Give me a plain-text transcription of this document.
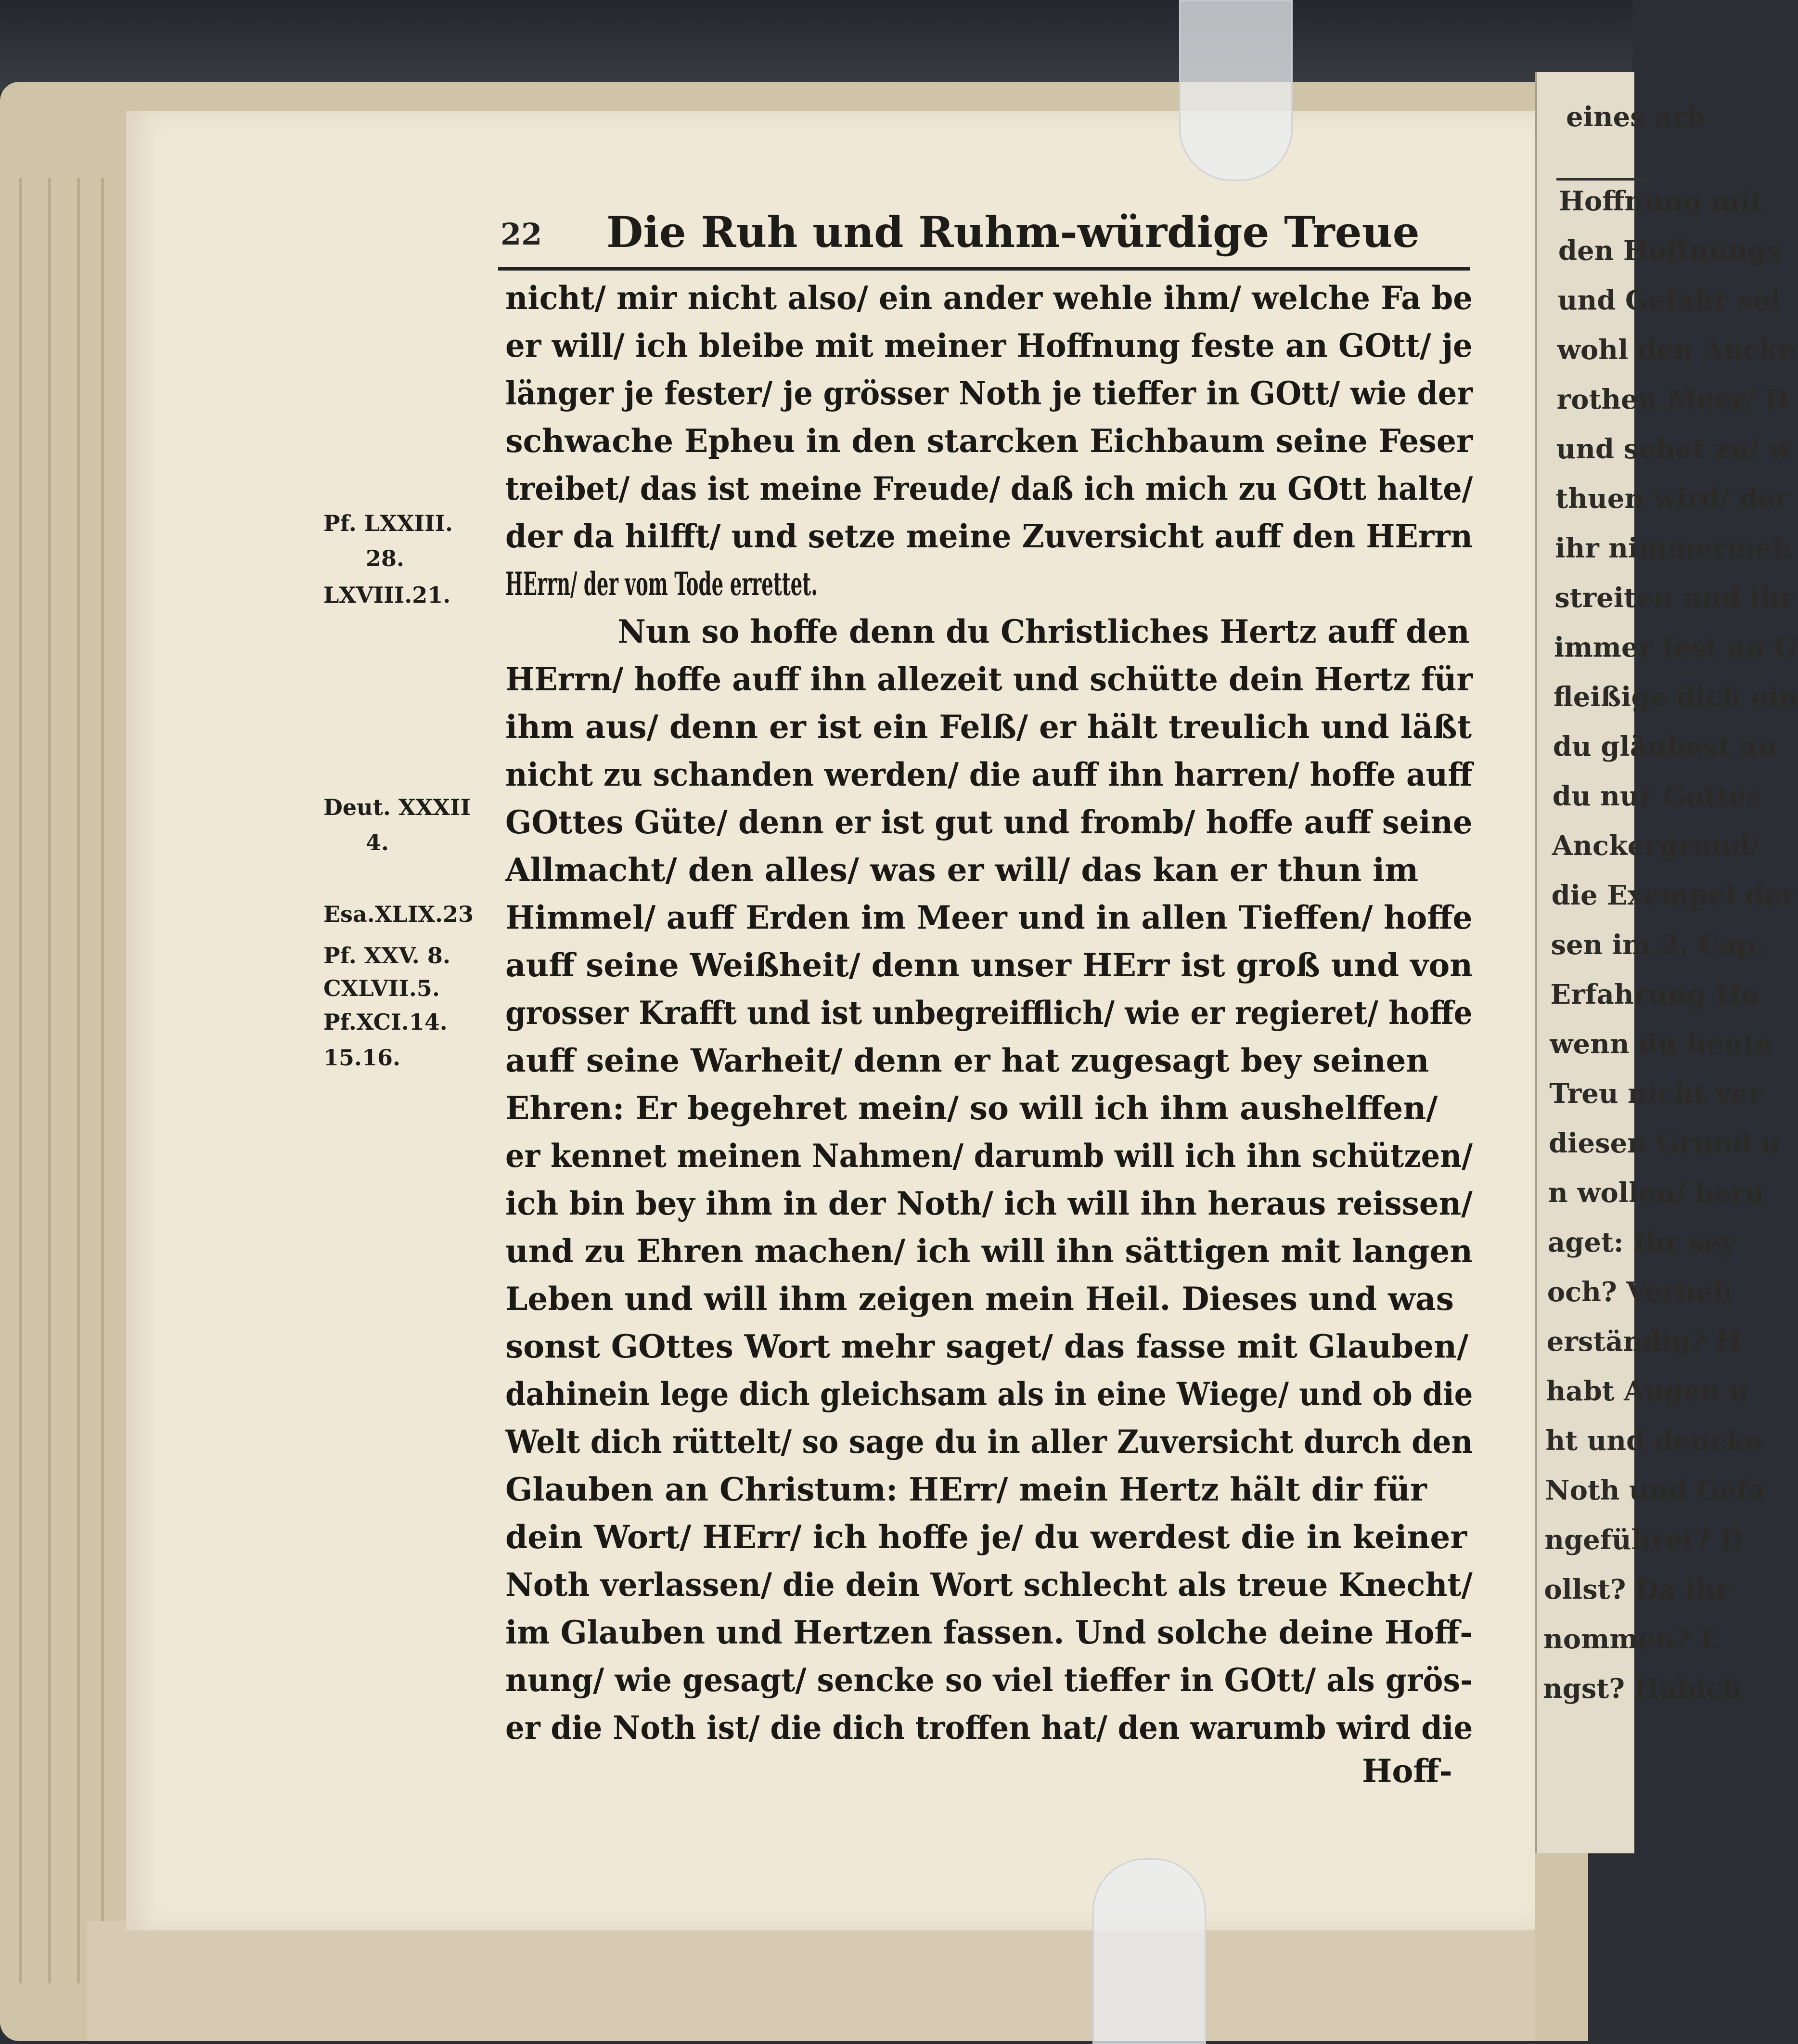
eines arb
Hoffnung mit
den Hoffnungs
und Gefahr sol
wohl den Ancke
rothen Meer/ D
und sehet zu/ w
thuen wird/ der
ihr nimmermeh
streiten und ihr
immer fest an G
fleißige dich ein
du gläubest au
du nur Gottes
Anckergrund/
die Exempel der
sen im 2. Cap.
Erfahrung Ho
wenn du heute
Treu nicht ver
diesen Grund u
n wollen/ beru
aget: Ihr sey
och? Verneh
erständig? H
habt Augen u
ht und dencke
Noth und Gefa
ngeführet? D
ollst? Da ihr
nommen? E
ngst? Habich
22 Die Ruh und Ruhm-würdige Treue
nicht/ mir nicht also/ ein ander wehle ihm/ welche Fa be
er will/ ich bleibe mit meiner Hoffnung feste an GOtt/ je
länger je fester/ je grösser Noth je tieffer in GOtt/ wie der
schwache Epheu in den starcken Eichbaum seine Feser
treibet/ das ist meine Freude/ daß ich mich zu GOtt halte/
der da hilfft/ und setze meine Zuversicht auff den HErrn
HErrn/ der vom Tode errettet.
Nun so hoffe denn du Christliches Hertz auff den
HErrn/ hoffe auff ihn allezeit und schütte dein Hertz für
ihm aus/ denn er ist ein Felß/ er hält treulich und läßt
nicht zu schanden werden/ die auff ihn harren/ hoffe auff
GOttes Güte/ denn er ist gut und fromb/ hoffe auff seine
Allmacht/ den alles/ was er will/ das kan er thun im
Himmel/ auff Erden im Meer und in allen Tieffen/ hoffe
auff seine Weißheit/ denn unser HErr ist groß und von
grosser Krafft und ist unbegreifflich/ wie er regieret/ hoffe
auff seine Warheit/ denn er hat zugesagt bey seinen
Ehren: Er begehret mein/ so will ich ihm aushelffen/
er kennet meinen Nahmen/ darumb will ich ihn schützen/
ich bin bey ihm in der Noth/ ich will ihn heraus reissen/
und zu Ehren machen/ ich will ihn sättigen mit langen
Leben und will ihm zeigen mein Heil. Dieses und was
sonst GOttes Wort mehr saget/ das fasse mit Glauben/
dahinein lege dich gleichsam als in eine Wiege/ und ob die
Welt dich rüttelt/ so sage du in aller Zuversicht durch den
Glauben an Christum: HErr/ mein Hertz hält dir für
dein Wort/ HErr/ ich hoffe je/ du werdest die in keiner
Noth verlassen/ die dein Wort schlecht als treue Knecht/
im Glauben und Hertzen fassen. Und solche deine Hoff-
nung/ wie gesagt/ sencke so viel tieffer in GOtt/ als grös-
er die Noth ist/ die dich troffen hat/ den warumb wird die
Hoff-
Pf. LXXIII.
28.
LXVIII.21.
Deut. XXXII
4.
Esa.XLIX.23
Pf. XXV. 8.
CXLVII.5.
Pf.XCI.14.
15.16.
